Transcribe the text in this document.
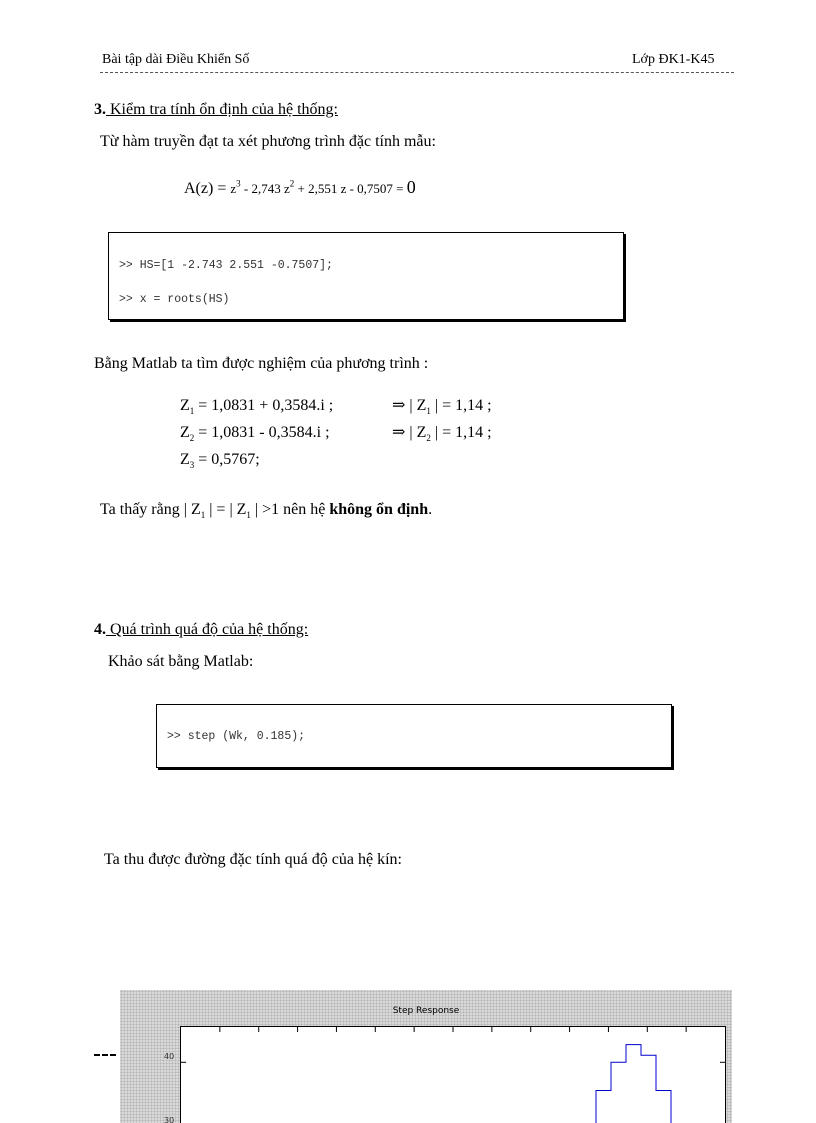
Bài tập dài Điều Khiển Số	Lớp ĐK1-K45
3. Kiểm tra tính ổn định của hệ thống:
Từ hàm truyền đạt ta xét phương trình đặc tính mẫu:
$A(z) = z^3 - 2,743$ $z^2 + 2,551$ z - 0,7507 = 0
>> HS=[1 -2.743 2.551 -0.7507];
>> x = roots(HS)
Bằng Matlab ta tìm được nghiệm của phương trình :
$Z_1 = 1,0831 + 0,3584.i$ ;	⇒ | $Z_1$ | = 1,14 ;
$Z_2 = 1,0831 - 0,3584.i$ ;	⇒ | $Z_2$ | = 1,14 ;
$Z_3 = 0,5767$;
Ta thấy rằng | $Z_1$ | = | $Z_1$ | >1 nên hệ không ổn định.
4. Quá trình quá độ của hệ thống:
Khảo sát bằng Matlab:
>> step (Wk, 0.185);
Ta thu được đường đặc tính quá độ của hệ kín:
Step Response
40
30
